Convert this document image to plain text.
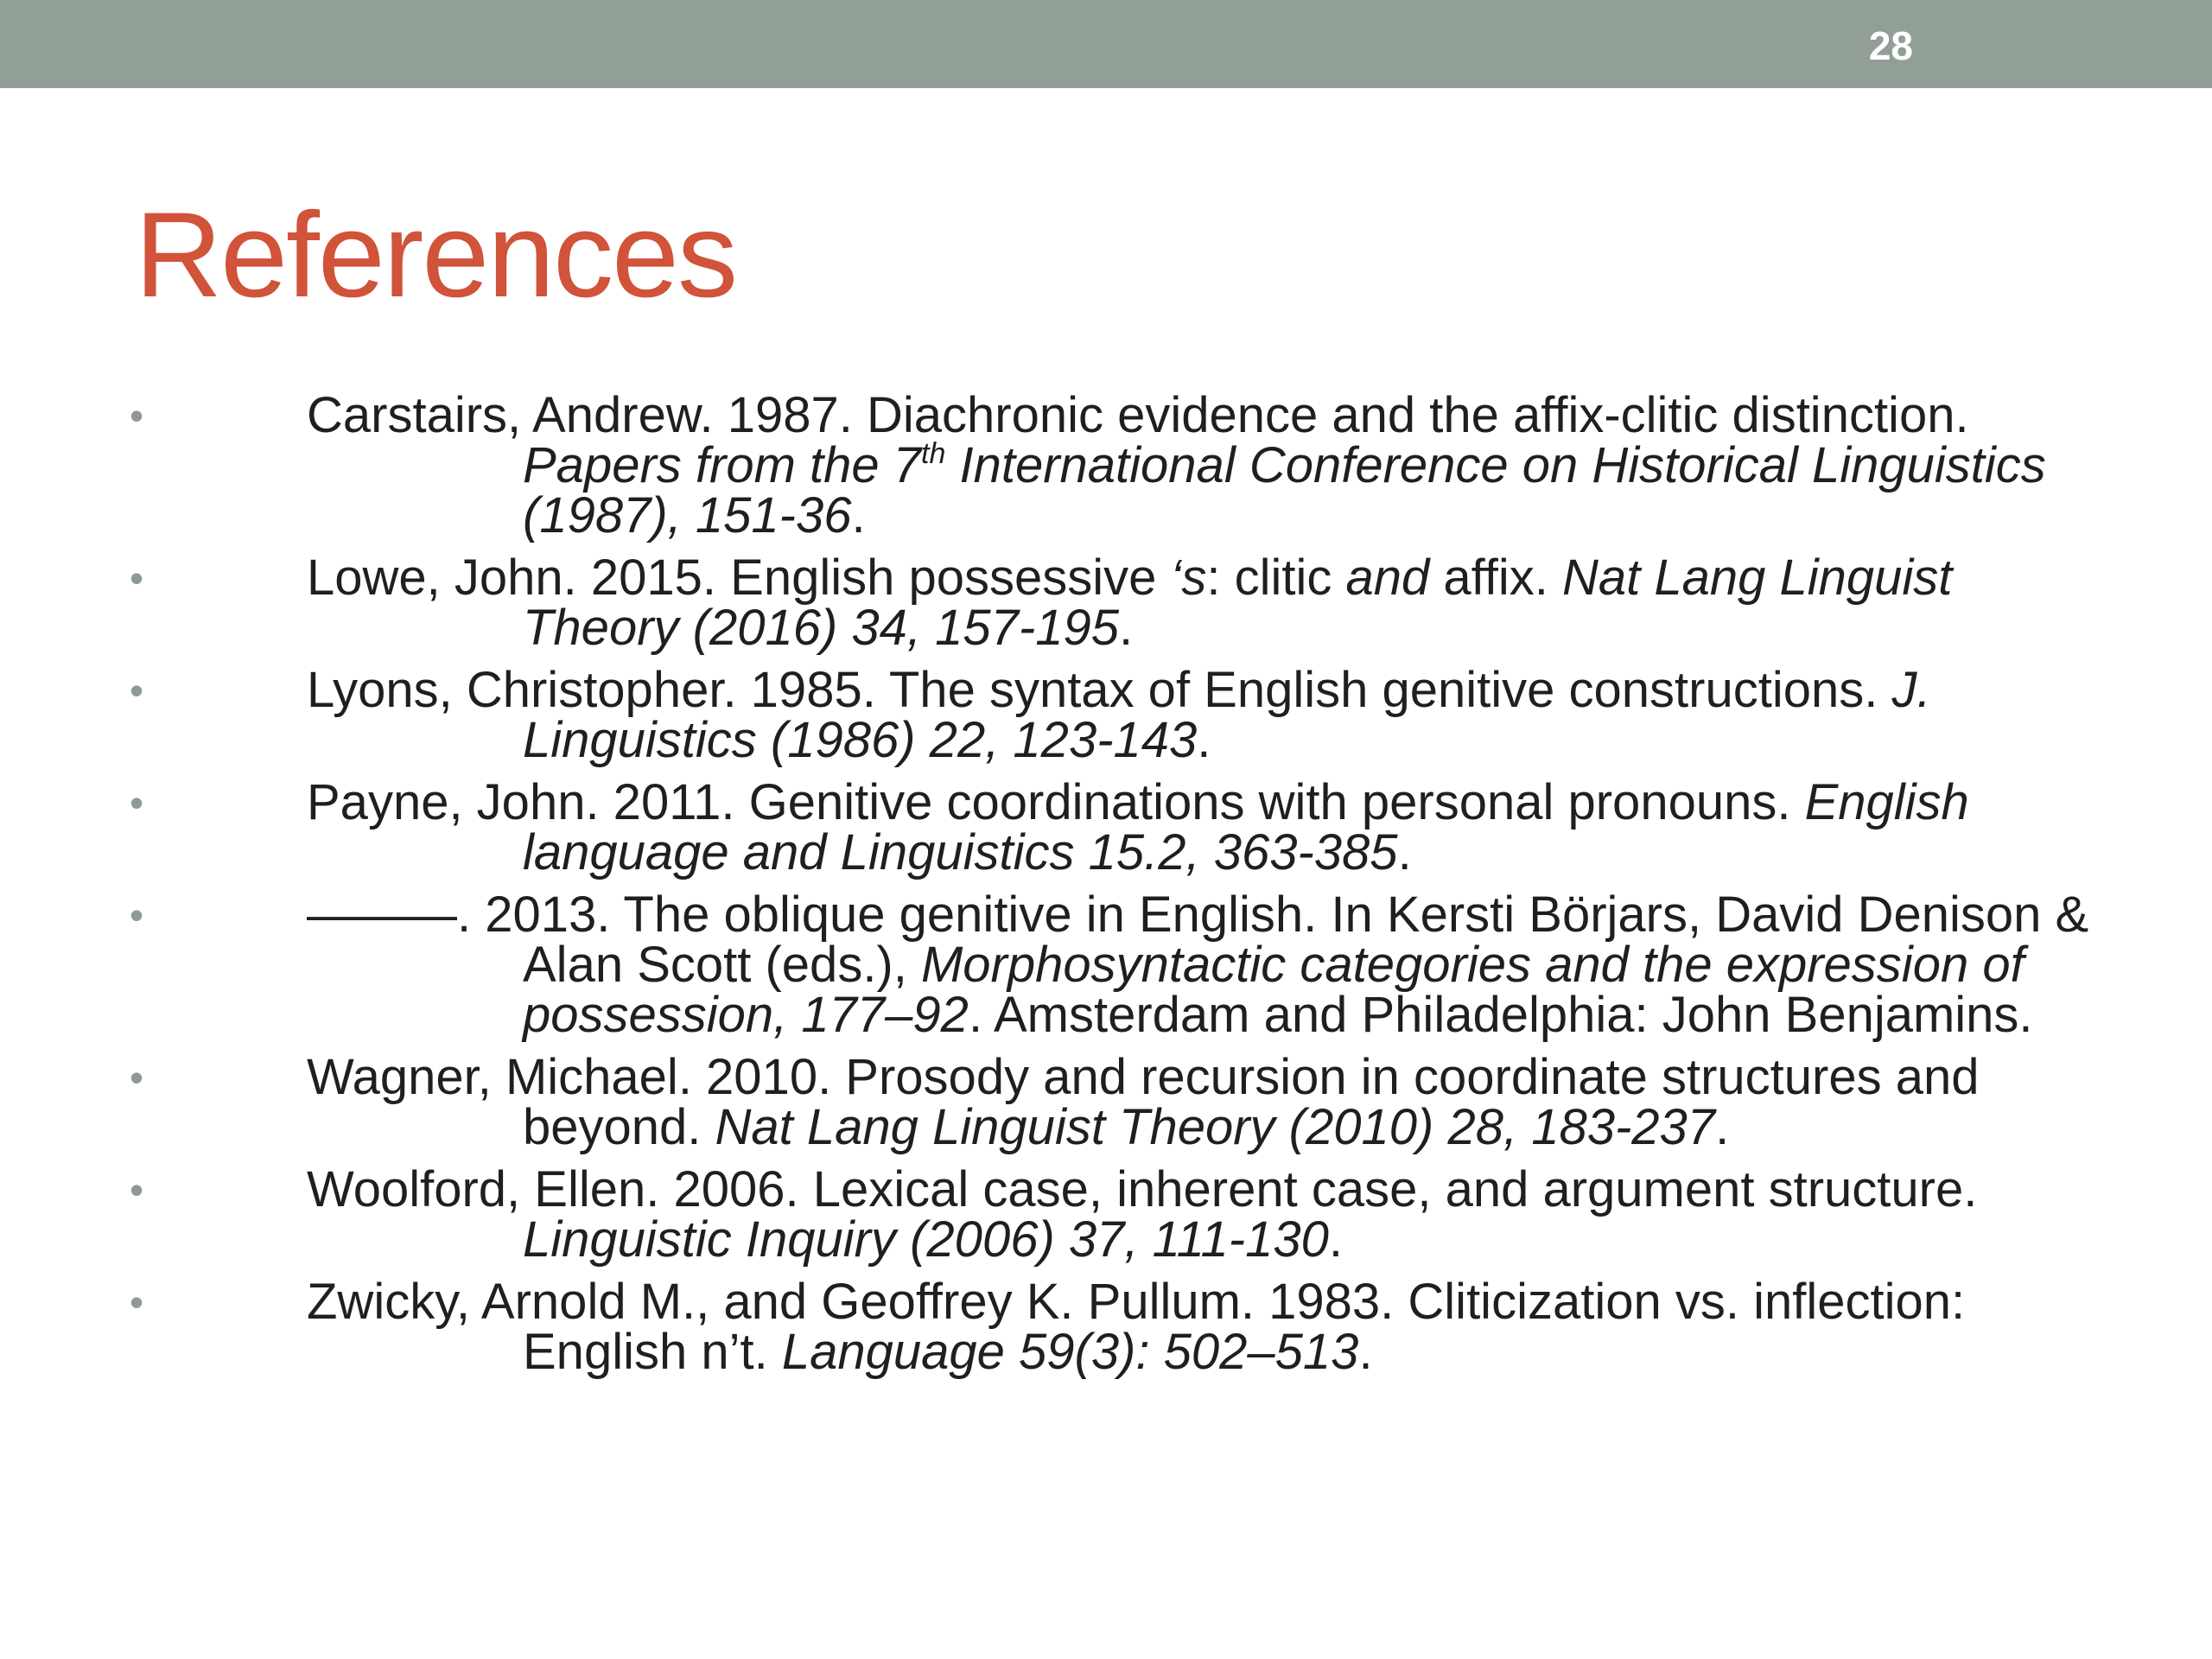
28
References
•	Carstairs, Andrew. 1987. Diachronic evidence and the affix-clitic distinction. Papers from the 7th International Conference on Historical Linguistics (1987), 151-36.
•	Lowe, John. 2015. English possessive ‘s: clitic and affix. Nat Lang Linguist Theory (2016) 34, 157-195.
•	Lyons, Christopher. 1985. The syntax of English genitive constructions. J. Linguistics (1986) 22, 123-143.
•	Payne, John. 2011. Genitive coordinations with personal pronouns. English language and Linguistics 15.2, 363-385.
•	———. 2013. The oblique genitive in English. In Kersti Börjars, David Denison & Alan Scott (eds.), Morphosyntactic categories and the expression of possession, 177–92. Amsterdam and Philadelphia: John Benjamins.
•	Wagner, Michael. 2010. Prosody and recursion in coordinate structures and beyond. Nat Lang Linguist Theory (2010) 28, 183-237.
•	Woolford, Ellen. 2006. Lexical case, inherent case, and argument structure. Linguistic Inquiry (2006) 37, 111-130.
•	Zwicky, Arnold M., and Geoffrey K. Pullum. 1983. Cliticization vs. inflection: English n’t. Language 59(3): 502–513.
